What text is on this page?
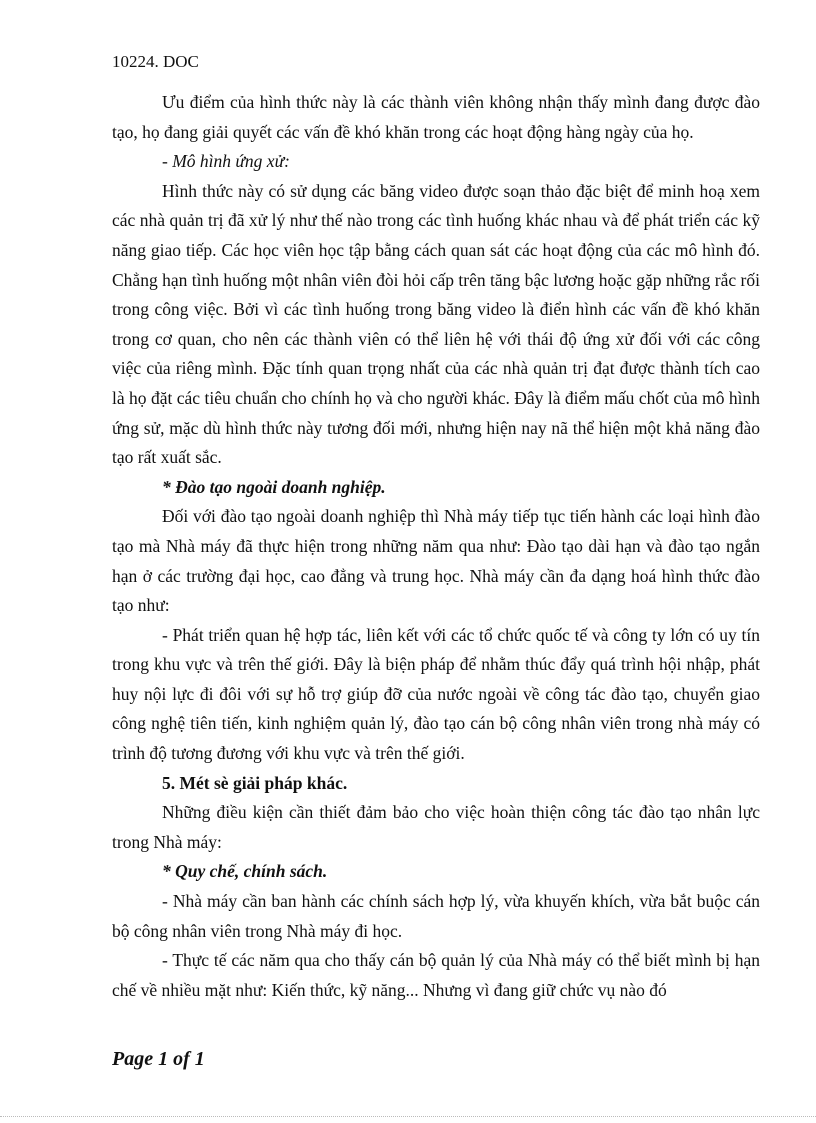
10224. DOC

Ưu điểm của hình thức này là các thành viên không nhận thấy mình đang được đào tạo, họ đang giải quyết các vấn đề khó khăn trong các hoạt động hàng ngày của họ.

- Mô hình ứng xử:

Hình thức này có sử dụng các băng video được soạn thảo đặc biệt để minh hoạ xem các nhà quản trị đã xử lý như thế nào trong các tình huống khác nhau và để phát triển các kỹ năng giao tiếp. Các học viên học tập bằng cách quan sát các hoạt động của các mô hình đó. Chẳng hạn tình huống một nhân viên đòi hỏi cấp trên tăng bậc lương hoặc gặp những rắc rối trong công việc. Bởi vì các tình huống trong băng video là điển hình các vấn đề khó khăn trong cơ quan, cho nên các thành viên có thể liên hệ với thái độ ứng xử đối với các công việc của riêng mình. Đặc tính quan trọng nhất của các nhà quản trị đạt được thành tích cao là họ đặt các tiêu chuẩn cho chính họ và cho người khác. Đây là điểm mấu chốt của mô hình ứng sử, mặc dù hình thức này tương đối mới, nhưng hiện nay nã thể hiện một khả năng đào tạo rất xuất sắc.

* Đào tạo ngoài doanh nghiệp.

Đối với đào tạo ngoài doanh nghiệp thì Nhà máy tiếp tục tiến hành các loại hình đào tạo mà Nhà máy đã thực hiện trong những năm qua như: Đào tạo dài hạn và đào tạo ngắn hạn ở các trường đại học, cao đẳng và trung học. Nhà máy cần đa dạng hoá hình thức đào tạo như:

- Phát triển quan hệ hợp tác, liên kết với các tổ chức quốc tế và công ty lớn có uy tín trong khu vực và trên thế giới. Đây là biện pháp để nhằm thúc đẩy quá trình hội nhập, phát huy nội lực đi đôi với sự hỗ trợ giúp đỡ của nước ngoài về công tác đào tạo, chuyển giao công nghệ tiên tiến, kinh nghiệm quản lý, đào tạo cán bộ công nhân viên trong nhà máy có trình độ tương đương với khu vực và trên thế giới.

5. Mét sè giải pháp khác.

Những điều kiện cần thiết đảm bảo cho việc hoàn thiện công tác đào tạo nhân lực trong Nhà máy:

* Quy chế, chính sách.

- Nhà máy cần ban hành các chính sách hợp lý, vừa khuyến khích, vừa bắt buộc cán bộ công nhân viên trong Nhà máy đi học.

- Thực tế các năm qua cho thấy cán bộ quản lý của Nhà máy có thể biết mình bị hạn chế về nhiều mặt như: Kiến thức, kỹ năng... Nhưng vì đang giữ chức vụ nào đó

Page 1 of 1
